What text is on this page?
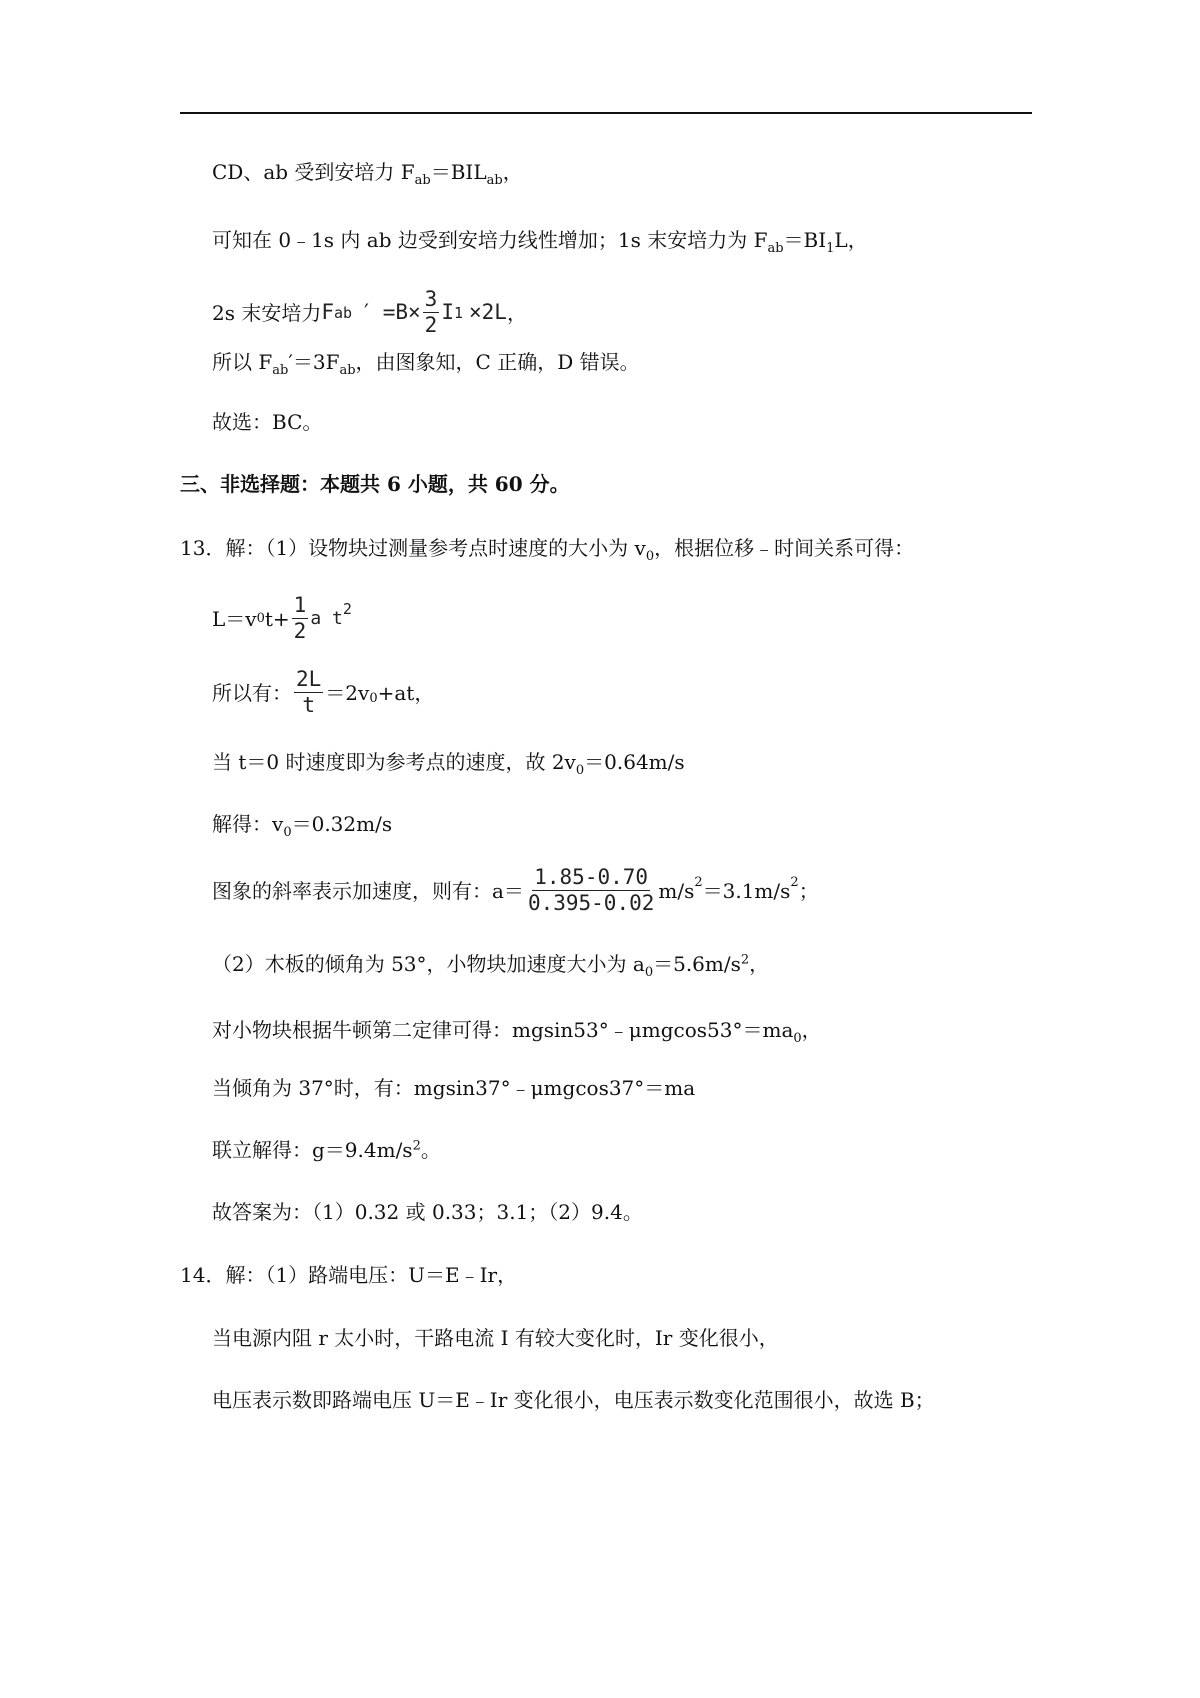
CD、ab 受到安培力 $F_{ab}=BIL_{ab}$，
可知在 0﹣1s 内 ab 边受到安培力线性增加；1s 末安培力为 $F_{ab}=BI_1L$，
2s 末安培力 F ab ′ $=B\times \frac{3}{2}$ I 1 ×2L ，
所以 $F_{ab}'=3F_{ab}$，由图象知，C 正确，D 错误。
故选：BC。
三、非选择题：本题共 6 小题，共 60 分。
13．解：（1）设物块过测量参考点时速度的大小为 $v_0$，根据位移﹣时间关系可得：
L＝v 0 $t+ \frac{1}{2}$ a $t^2$
所以有： $\frac{2L}{t} =2v_0 +at$，
当 t＝0 时速度即为参考点的速度，故 $2v_0=0.64m/s$
解得：$v_0=0.32m/s$
图象的斜率表示加速度，则有：$a= \frac{1.85-0.70}{0.395-0.02} m/s^2 =3.1m/s^2$ ；
（2）木板的倾角为 53°，小物块加速度大小为 $a_0=5.6m/s^2$，
对小物块根据牛顿第二定律可得：$mgsin53^\circ﹣\mu mgcos53^\circ=ma_0$，
当倾角为 37°时，有：mgsin37°﹣μmgcos37°＝ma
联立解得：$g=9.4m/s^2$。
故答案为：（1）0.32 或 0.33；3.1；（2）9.4。
14．解：（1）路端电压：U＝E﹣Ir，
当电源内阻 r 太小时，干路电流 I 有较大变化时，Ir 变化很小，
电压表示数即路端电压 U＝E﹣Ir 变化很小，电压表示数变化范围很小，故选 B；
